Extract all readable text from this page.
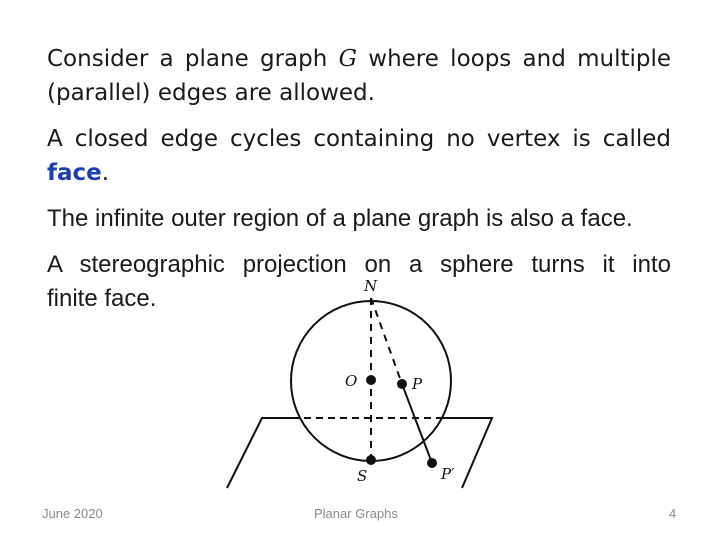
Consider a plane graph G where loops and multiple
(parallel) edges are allowed.

A closed edge cycles containing no vertex is called
face.

The infinite outer region of a plane graph is also a face.

A stereographic projection on a sphere turns it into
finite face.	N
O	P
S	P′
June 2020	Planar Graphs	4
